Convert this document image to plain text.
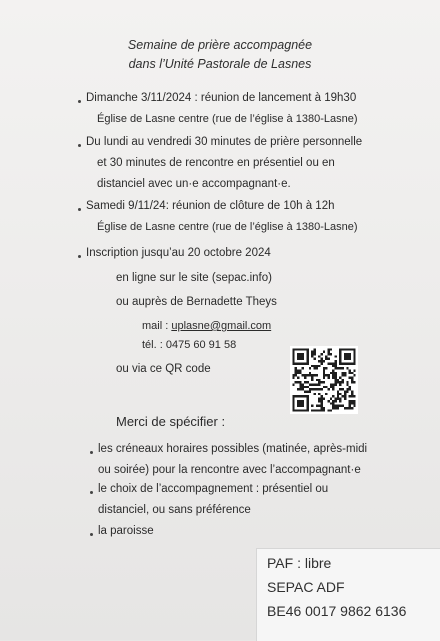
Semaine de prière accompagnée
dans l’Unité Pastorale de Lasnes
Dimanche 3/11/2024 : réunion de lancement à 19h30
Église de Lasne centre (rue de l’église à 1380-Lasne)
Du lundi au vendredi 30 minutes de prière personnelle
et 30 minutes de rencontre en présentiel ou en
distanciel avec un·e accompagnant·e.
Samedi 9/11/24: réunion de clôture de 10h à 12h
Église de Lasne centre (rue de l’église à 1380-Lasne)
Inscription jusqu’au 20 octobre 2024
en ligne sur le site (sepac.info)
ou auprès de Bernadette Theys
mail : uplasne@gmail.com
tél. : 0475 60 91 58
ou via ce QR code
Merci de spécifier :
les créneaux horaires possibles (matinée, après-midi
ou soirée) pour la rencontre avec l’accompagnant·e
le choix de l’accompagnement : présentiel ou
distanciel, ou sans préférence
la paroisse
PAF : libre
SEPAC ADF
BE46 0017 9862 6136
